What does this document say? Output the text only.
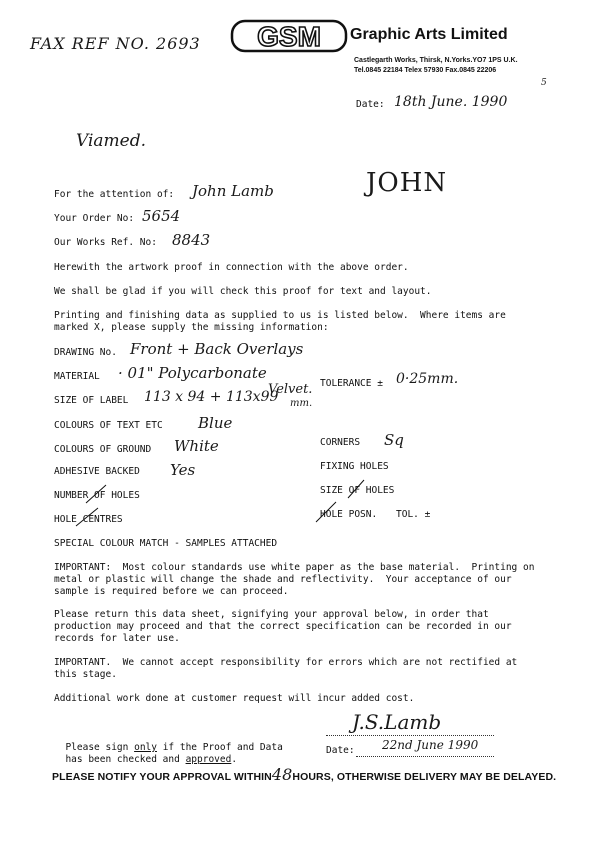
FAX REF NO. 2693 GSM Graphic Arts Limited
Castlegarth Works, Thirsk, N.Yorks.YO7 1PS U.K.
Tel.0845 22184 Telex 57930 Fax.0845 22206
5
Date: 18th June. 1990
Viamed.
For the attention of: John Lamb	JOHN
Your Order No: 5654
Our Works Ref. No: 8843
Herewith the artwork proof in connection with the above order.
We shall be glad if you will check this proof for text and layout.
Printing and finishing data as supplied to us is listed below.  Where items are
marked X, please supply the missing information:
DRAWING No. Front + Back Overlays
MATERIAL · 01" Polycarbonate
Velvet. TOLERANCE ± 0·25mm.
SIZE OF LABEL 113 x 94 + 113x99 mm.
COLOURS OF TEXT ETC Blue
CORNERS Sq
COLOURS OF GROUND White
FIXING HOLES
ADHESIVE BACKED Yes
SIZE OF HOLES
NUMBER OF HOLES
HOLE CENTRES	HOLE POSN. TOL. ±
SPECIAL COLOUR MATCH - SAMPLES ATTACHED
IMPORTANT:  Most colour standards use white paper as the base material.  Printing on
metal or plastic will change the shade and reflectivity.  Your acceptance of our
sample is required before we can proceed.
Please return this data sheet, signifying your approval below, in order that
production may proceed and that the correct specification can be recorded in our
records for later use.
IMPORTANT.  We cannot accept responsibility for errors which are not rectified at
this stage.
Additional work done at customer request will incur added cost.

Please sign only if the Proof and Data

has been checked and approved.

J.S.Lamb
Date: 22nd June 1990
PLEASE NOTIFY YOUR APPROVAL WITHIN48HOURS, OTHERWISE DELIVERY MAY BE DELAYED.
